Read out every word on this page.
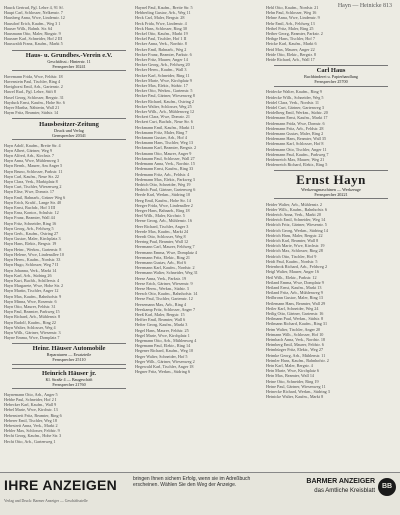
Hayn — Heinicke 813
Hauck Gertrud, Pgl. Lehre 4, 91 Sf.
Haupt Carl, Schlosser, Nelkenstr. 7
Hausberg Anna, Wwe, Lindenstr. 12
Hausdorf Erich, Kaufm., Weg 3 1
Hauser Wilh., Bahnh. Str. 64
Hausmann Otto, Maler, Ringstr. 9
Hausner Karl, Schneider, Hof 2 III
Hauswaldt Franz, Kaufm., Markt 5
Haus- u. Grundbes.-Verein e.V.
Geschäftsst.: Hinterstr. 11
Fernsprecher 10241
Havemann Frida, Wwe, Feldstr. 18
Havenstein Paul, Tischler, Ring 4
Havighorst Emil, Arb., Gartenstr. 2
Hawel Rud., Pgl. Lehre, Stift 8
Haxel Georg, Schlosser, Bergstr. 31
Hayduck Ernst, Kaufm., Hohe Str. 6
Hayer Martha, Nähterin, Wall 21
Haym Fritz, Beamter, Südstr. 14
Hausbesitzer-Zeitung
Druck und Verlag
Gernsprecher 20341
Hayn Adolf, Kaufm., Breite Str. 4
Hayn Albert, Gärtner, Weg 9
Hayn Alfred, Arb., Kirchstr. 7
Hayn Anna, Wwe, Mühlenweg 3
Hayn Bernh., Maurer, Am Anger 5
Hayn Bruno, Schlosser, Parkstr. 11
Hayn Carl, Kaufm., Neue Str. 22
Hayn Clara, Verk., Marktplatz 8
Hayn Curt, Tischler, Wiesenweg 2
Hayn Elise, Wwe, Domstr. 17
Hayn Emil, Bahnarb., Grüner Weg 6
Hayn Erich, Kraftf., Lange Str. 40
Hayn Ernst, Buchdr., Hof 3 III
Hayn Erna, Kontor., Schulstr. 12
Hayn Franz, Beamter, Wall 44
Hayn Fritz, Schneider, Ring 16
Hayn Georg, Arb., Feldweg 5
Hayn Gerh., Kaufm., Ostring 27
Hayn Gustav, Maler, Kirchplatz 3
Hayn Hans, Elektr., Bergstr. 19
Hayn Heinr., Werkm., Gartenstr. 8
Hayn Helene, Wwe, Lindenallee 10
Hayn Herm., Kaufm., Nordstr. 33
Hayn Hugo, Schlosser, Weg 7 II
Hayn Johanna, Verk., Markt 14
Hayn Karl, Arb., Südring 26
Hayn Kurt, Buchh., Schillerstr. 4
Hayn Margarete, Wwe, Hohe Str. 2
Hayn Martin, Tischler, Anger 12
Hayn Max, Kaufm., Bahnhofstr. 9
Hayn Minna, Wwe, Rosenstr. 6
Hayn Otto, Maurer, Feldstr. 31
Hayn Paul, Beamter, Parkweg 15
Hayn Richard, Arb., Mühlenstr. 8
Hayn Rudolf, Kaufm., Ring 22
Hayn Walter, Schlosser, Weg 4
Hayn Wilh., Gärtner, Wiesenstr. 3
Hayne Emma, Wwe, Domplatz 7
Heinr. Häuser Automobile
Reparaturen — Ersatzteile
Fernsprecher 25110
Heinrich Häuser jr.
Kl. Straße 4 — Baugeschäft
Fernsprecher 21760
Haynemann Otto, Arb., Anger 5
Hebbe Paul, Schneider, Hof 2 I
Hebecker Karl, Kaufm., Wall 9
Hebel Marie, Wwe, Kirchstr. 13
Hebenstreit Fritz, Beamter, Ring 6
Heberer Emil, Tischler, Weg 18
Hebestreit Anna, Verk., Markt 2
Hebler Max, Schlosser, Feldstr. 9
Hecht Georg, Kaufm., Hohe Str. 3
Hecht Otto, Arb., Gartenweg 1
Haynel Paul, Kaufm., Breite Str. 5
Hebberling Gustav, Arb., Weg 11
Heck Carl, Maler, Bergstr. 28
Heck Frida, Wwe, Lindenstr. 4
Heck Hans, Schlosser, Ring 30
Heckel Otto, Kaufm., Markt 19
Heckel Paul, Tischler, Hof 1 II
Hecker Anna, Verk., Nordstr. 8
Hecker Emil, Bahnarb., Weg 2
Hecker Franz, Beamter, Parkstr. 6
Hecker Fritz, Maurer, Anger 14
Hecker Georg, Arb., Feldweg 20
Hecker Herm., Kaufm., Wall 3
Hecker Karl, Schneider, Ring 11
Hecker Marie, Wwe, Kirchplatz 9
Hecker Max, Elektr., Südstr. 17
Hecker Otto, Werkm., Gartenstr. 5
Hecker Paul, Gärtner, Wiesenweg 8
Hecker Richard, Kaufm., Ostring 2
Hecker Walter, Schlosser, Weg 25
Hecker Wilh., Arb., Mühlenweg 12
Heckert Clara, Wwe, Domstr. 21
Heckert Curt, Buchdr., Neue Str. 6
Heckmann Emil, Kaufm., Markt 11
Heckmann Fritz, Maler, Ring 7
Heckmann Gustav, Arb., Hof 4
Heckmann Hans, Tischler, Weg 13
Heckmann Karl, Beamter, Bergstr. 2
Heckmann Otto, Maurer, Anger 9
Heckmann Paul, Schlosser, Wall 27
Hedemann Anna, Verk., Nordstr. 15
Hedemann Ernst, Kaufm., Ring 33
Hedemann Fritz, Arb., Feldstr. 4
Hedemann Max, Elektr., Parkweg 3
Hedrich Otto, Schneider, Weg 19
Hedrich Paul, Gärtner, Gartenweg 6
Heede Karl, Werkm., Südring 10
Heeg Emil, Kaufm., Hohe Str. 14
Heeger Frida, Wwe, Lindenallee 2
Heeger Hans, Bahnarb., Ring 18
Heel Wilh., Maler, Kirchstr. 5
Heene Georg, Arb., Mühlenstr. 16
Heer Richard, Tischler, Anger 3
Heerde Max, Kaufm., Markt 24
Heerdt Otto, Schlosser, Weg 8
Heering Paul, Beamter, Wall 12
Heermann Carl, Maurer, Feldweg 7
Heermann Emma, Wwe, Domplatz 4
Heermann Fritz, Elektr., Ring 21
Heermann Gustav, Arb., Hof 6
Heermann Karl, Kaufm., Nordstr. 2
Heermann Walter, Schneider, Weg 31
Heese Anna, Verk., Parkstr. 19
Heese Erich, Gärtner, Wiesenstr. 9
Heese Herm., Werkm., Südstr. 3
Heesch Otto, Kaufm., Bahnhofstr. 14
Heese Paul, Tischler, Gartenstr. 12
Heesemann Max, Arb., Ring 4
Heeskamp Fritz, Schlosser, Anger 7
Heeß Karl, Maler, Bergstr. 15
Heffter Emil, Beamter, Wall 6
Hefter Georg, Kaufm., Markt 3
Hegel Hans, Maurer, Feldstr. 25
Hegel Marie, Wwe, Kirchplatz 1
Hegemann Otto, Arb., Mühlenweg 4
Hegemann Paul, Elektr., Ring 14
Hegener Richard, Kaufm., Weg 10
Heger Walter, Schneider, Hof 5
Heger Wilh., Gärtner, Wiesenweg 2
Hegewald Karl, Tischler, Anger 18
Hegner Fritz, Werkm., Südring 6
Hehl Otto, Kaufm., Nordstr. 21
Hehn Paul, Schlosser, Weg 16
Hehne Anna, Wwe, Lindenstr. 9
Hehr Emil, Arb., Feldweg 13
Heibel Fritz, Maler, Ring 25
Heiber Georg, Beamter, Parkstr. 2
Heibge Hans, Tischler, Hof 7
Heicke Karl, Kaufm., Markt 6
Heid Max, Maurer, Anger 22
Heide Otto, Elektr., Bergstr. 8
Heide Richard, Arb., Wall 17
Carl Haus
Buchbinderei u. Papierhandlung
Fernsprecher 25700
Heidecke Walter, Kaufm., Ring 9
Heidecke Wilh., Schneider, Weg 5
Heidel Clara, Verk., Nordstr. 11
Heidel Curt, Gärtner, Gartenweg 3
Heidelberg Emil, Werkm., Südstr. 20
Heidemann Ernst, Kaufm., Markt 17
Heidemann Frida, Wwe, Domstr. 6
Heidemann Fritz, Arb., Feldstr. 28
Heidemann Gustav, Maler, Ring 2
Heidemann Hans, Beamter, Wall 35
Heidemann Karl, Schlosser, Hof 8
Heidemann Otto, Tischler, Anger 11
Heidemann Paul, Kaufm., Parkweg 7
Heidenreich Max, Maurer, Weg 21
Heidenreich Richard, Elektr., Ring 5
Ernst Hayn
Werkzeugmaschinen — Werkzeuge
Fernsprecher 20221
Heider Walter, Arb., Mühlenstr. 2
Heider Wilh., Kaufm., Bahnhofstr. 6
Heiderich Anna, Verk., Markt 20
Heiderich Emil, Schneider, Weg 14
Heidrich Fritz, Gärtner, Wiesenstr. 5
Heidrich Georg, Werkm., Südring 14
Heidrich Hans, Maler, Bergstr. 22
Heidrich Karl, Beamter, Wall 8
Heidrich Marie, Wwe, Kirchstr. 19
Heidrich Max, Schlosser, Ring 28
Heidrich Otto, Tischler, Hof 9
Heidt Paul, Kaufm., Nordstr. 5
Heienbrok Richard, Arb., Feldweg 2
Heigl Walter, Maurer, Anger 16
Heil Wilh., Elektr., Parkstr. 12
Heiland Emma, Wwe, Domplatz 9
Heiland Ernst, Kaufm., Markt 13
Heiland Fritz, Arb., Mühlenweg 9
Heilbronn Gustav, Maler, Ring 13
Heilemann Hans, Beamter, Wall 29
Heiler Karl, Schneider, Weg 24
Heilig Otto, Gärtner, Gartenstr. 16
Heilmann Paul, Werkm., Südstr. 8
Heilmann Richard, Kaufm., Ring 31
Heim Walter, Tischler, Anger 20
Heimann Wilh., Schlosser, Hof 10
Heimbach Anna, Verk., Nordstr. 18
Heimberg Emil, Maurer, Feldstr. 6
Heimbürger Fritz, Elektr., Weg 27
Heimke Georg, Arb., Mühlenstr. 11
Heimler Hans, Kaufm., Bahnhofstr. 2
Hein Karl, Maler, Bergstr. 4
Hein Marie, Wwe, Kirchplatz 6
Hein Max, Beamter, Wall 14
Heine Otto, Schneider, Ring 19
Heine Paul, Gärtner, Wiesenweg 11
Heinecke Richard, Werkm., Südring 3
Heinicke Walter, Kaufm., Markt 8
IHRE ANZEIGEN	bringen Ihnen sichern Erfolg, wenn sie im Adreßbuch erscheinen. Wählen Sie den Weg der Anzeige.
BARMER ANZEIGER
das Amtliche Kreisblatt
BB
Verlag und Druck: Barmer Anzeiger — Geschäftsstelle
